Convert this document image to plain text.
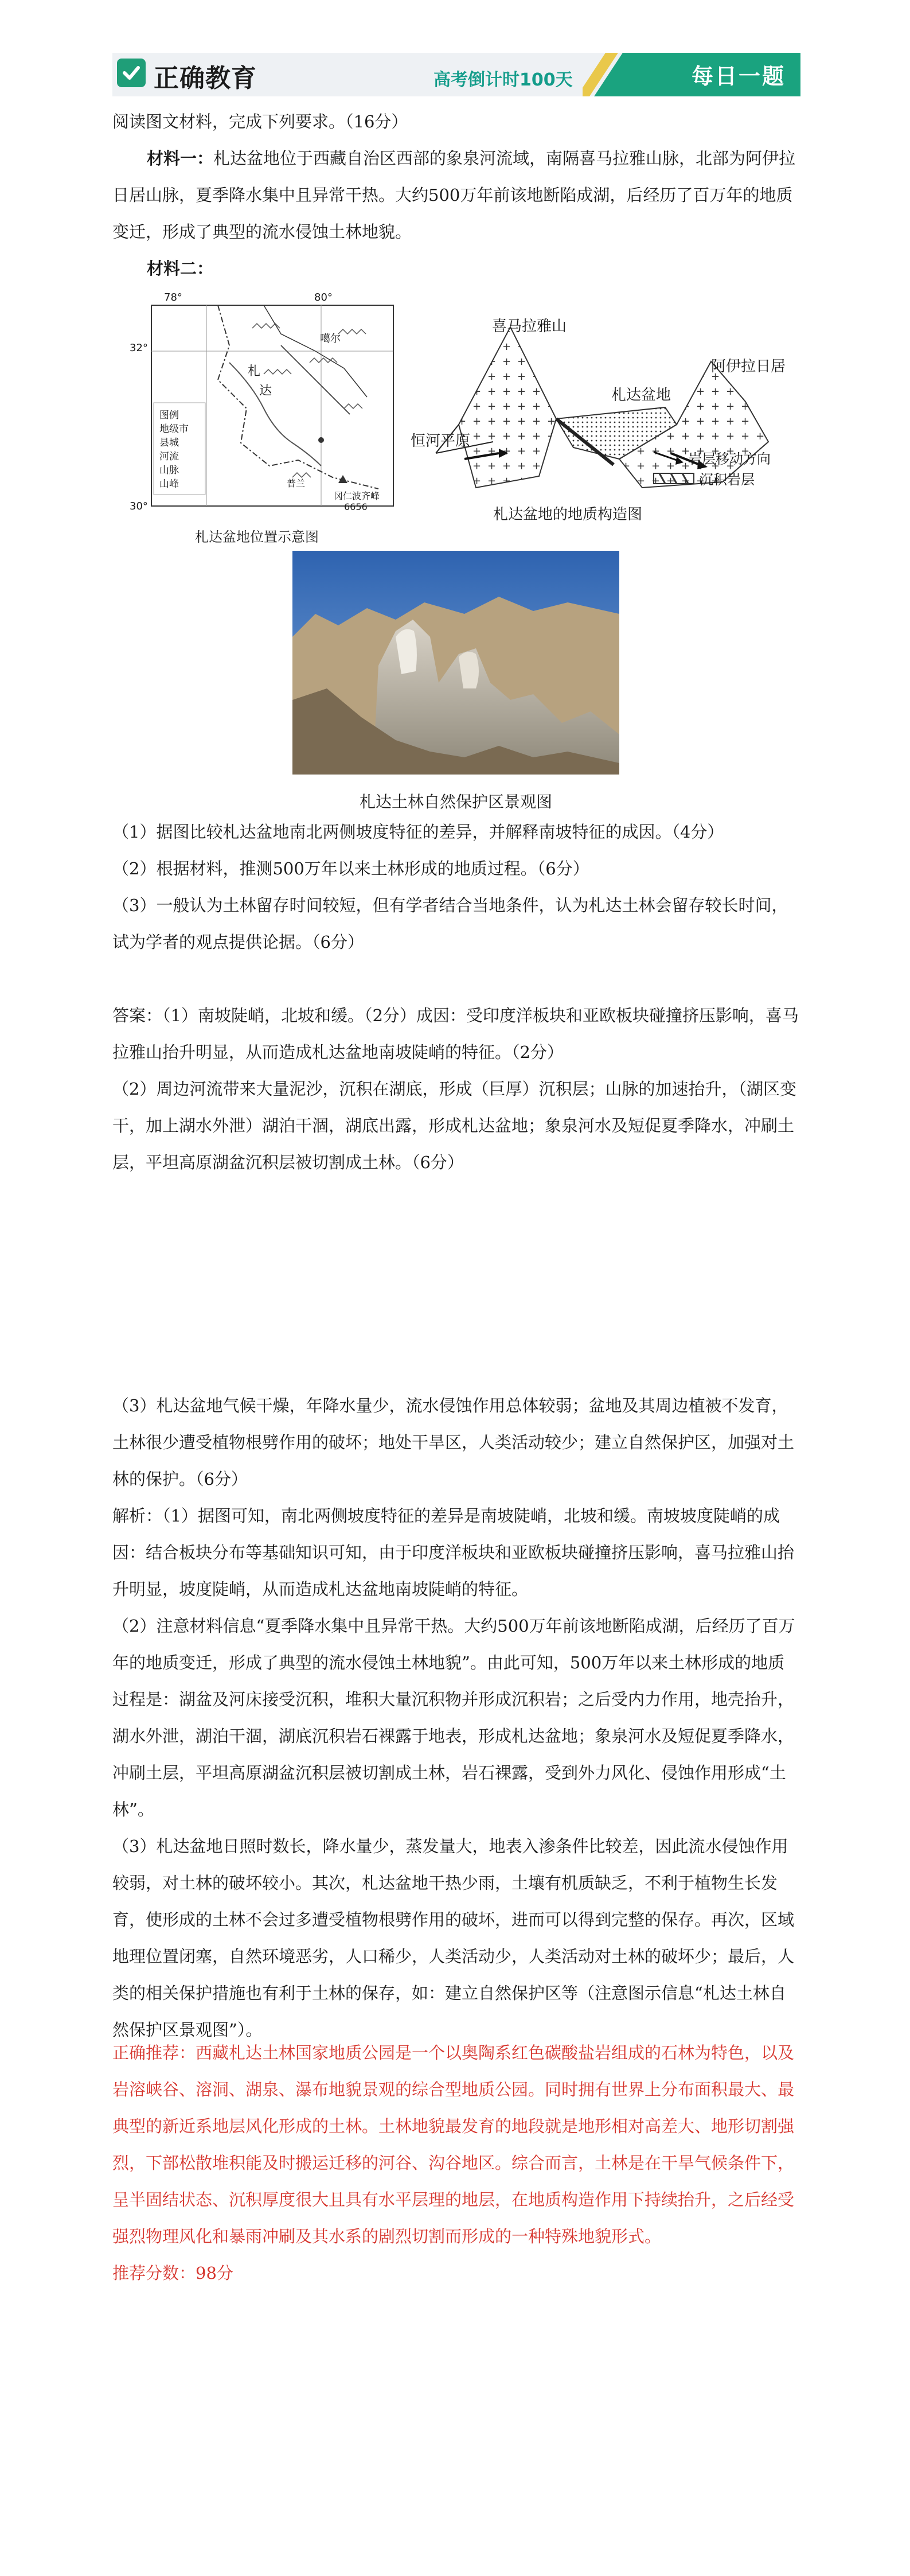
正确教育	高考倒计时100天	每日一题

阅读图文材料，完成下列要求。（16分）

材料一：札达盆地位于西藏自治区西部的象泉河流域，南隔喜马拉雅山脉，北部为阿伊拉日居山脉，夏季降水集中且异常干热。大约500万年前该地断陷成湖，后经历了百万年的地质变迁，形成了典型的流水侵蚀土林地貌。

材料二：

78°	80°
32°
30°
图例
地级市
县城
河流
山脉
山峰
札
达
噶尔
冈仁波齐峰
6656
普兰
札达盆地位置示意图
喜马拉雅山
阿伊拉日居
札达盆地
恒河平原
岩层移动方向
沉积岩层
札达盆地的地质构造图
札达土林自然保护区景观图

（1）据图比较札达盆地南北两侧坡度特征的差异，并解释南坡特征的成因。（4分）

（2）根据材料，推测500万年以来土林形成的地质过程。（6分）

（3）一般认为土林留存时间较短，但有学者结合当地条件，认为札达土林会留存较长时间，试为学者的观点提供论据。（6分）

答案：（1）南坡陡峭，北坡和缓。（2分）成因：受印度洋板块和亚欧板块碰撞挤压影响，喜马拉雅山抬升明显，从而造成札达盆地南坡陡峭的特征。（2分）

（2）周边河流带来大量泥沙，沉积在湖底，形成（巨厚）沉积层；山脉的加速抬升，（湖区变干，加上湖水外泄）湖泊干涸，湖底出露，形成札达盆地；象泉河水及短促夏季降水，冲刷土层，平坦高原湖盆沉积层被切割成土林。（6分）

（3）札达盆地气候干燥，年降水量少，流水侵蚀作用总体较弱；盆地及其周边植被不发育，土林很少遭受植物根劈作用的破坏；地处干旱区，人类活动较少；建立自然保护区，加强对土林的保护。（6分）

解析：（1）据图可知，南北两侧坡度特征的差异是南坡陡峭，北坡和缓。南坡坡度陡峭的成因：结合板块分布等基础知识可知，由于印度洋板块和亚欧板块碰撞挤压影响，喜马拉雅山抬升明显，坡度陡峭，从而造成札达盆地南坡陡峭的特征。

（2）注意材料信息“夏季降水集中且异常干热。大约500万年前该地断陷成湖，后经历了百万年的地质变迁，形成了典型的流水侵蚀土林地貌”。由此可知，500万年以来土林形成的地质过程是：湖盆及河床接受沉积，堆积大量沉积物并形成沉积岩；之后受内力作用，地壳抬升，湖水外泄，湖泊干涸，湖底沉积岩石裸露于地表，形成札达盆地；象泉河水及短促夏季降水，冲刷土层，平坦高原湖盆沉积层被切割成土林，岩石裸露，受到外力风化、侵蚀作用形成“土林”。

（3）札达盆地日照时数长，降水量少，蒸发量大，地表入渗条件比较差，因此流水侵蚀作用较弱，对土林的破坏较小。其次，札达盆地干热少雨，土壤有机质缺乏，不利于植物生长发育，使形成的土林不会过多遭受植物根劈作用的破坏，进而可以得到完整的保存。再次，区域地理位置闭塞，自然环境恶劣，人口稀少，人类活动少，人类活动对土林的破坏少；最后，人类的相关保护措施也有利于土林的保存，如：建立自然保护区等（注意图示信息“札达土林自然保护区景观图”）。

正确推荐：西藏札达土林国家地质公园是一个以奥陶系红色碳酸盐岩组成的石林为特色，以及岩溶峡谷、溶洞、湖泉、瀑布地貌景观的综合型地质公园。同时拥有世界上分布面积最大、最典型的新近系地层风化形成的土林。土林地貌最发育的地段就是地形相对高差大、地形切割强烈，下部松散堆积能及时搬运迁移的河谷、沟谷地区。综合而言，土林是在干旱气候条件下，呈半固结状态、沉积厚度很大且具有水平层理的地层，在地质构造作用下持续抬升，之后经受强烈物理风化和暴雨冲刷及其水系的剧烈切割而形成的一种特殊地貌形式。

推荐分数：98分
